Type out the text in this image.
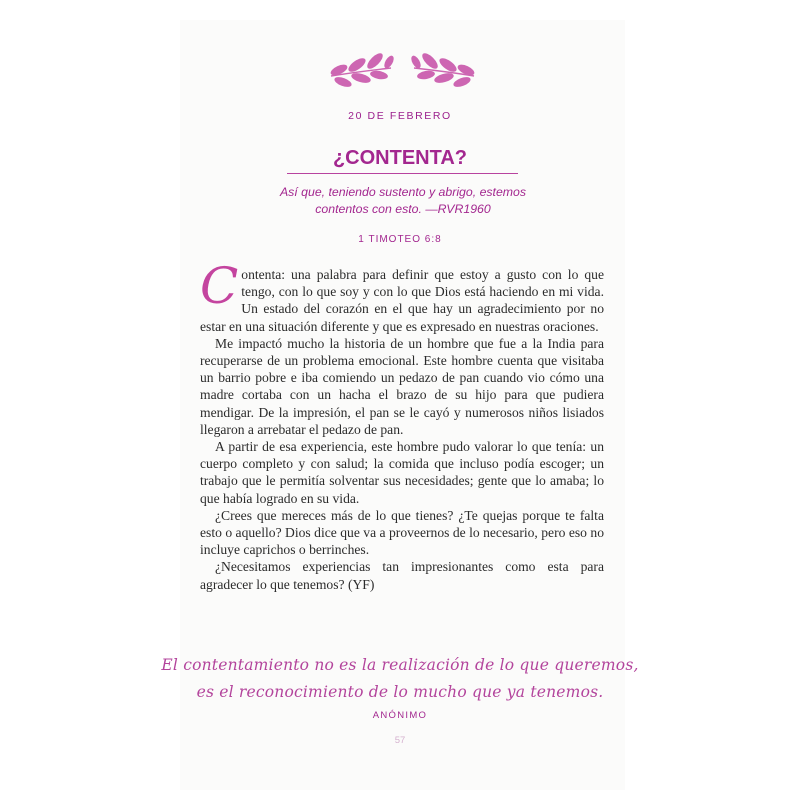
20 DE FEBRERO
¿CONTENTA?
Así que, teniendo sustento y abrigo, estemos
contentos con esto. —RVR1960
1 TIMOTEO 6:8

Contenta: una palabra para definir que estoy a gusto con lo que tengo, con lo que soy y con lo que Dios está haciendo en mi vida. Un estado del corazón en el que hay un agradecimiento por no estar en una situación diferente y que es expresado en nuestras oraciones.

Me impactó mucho la historia de un hombre que fue a la India para recuperarse de un problema emocional. Este hombre cuenta que visitaba un barrio pobre e iba comiendo un pedazo de pan cuando vio cómo una madre cortaba con un hacha el brazo de su hijo para que pudiera mendigar. De la impresión, el pan se le cayó y numerosos niños lisiados llegaron a arrebatar el pedazo de pan.

A partir de esa experiencia, este hombre pudo valorar lo que tenía: un cuerpo completo y con salud; la comida que incluso podía escoger; un trabajo que le permitía solventar sus necesidades; gente que lo amaba; lo que había logrado en su vida.

¿Crees que mereces más de lo que tienes? ¿Te quejas porque te falta esto o aquello? Dios dice que va a proveernos de lo necesario, pero eso no incluye caprichos o berrinches.

¿Necesitamos experiencias tan impresionantes como esta para agradecer lo que tenemos? (YF)

El contentamiento no es la realización de lo que queremos,
es el reconocimiento de lo mucho que ya tenemos.
ANÓNIMO
57
